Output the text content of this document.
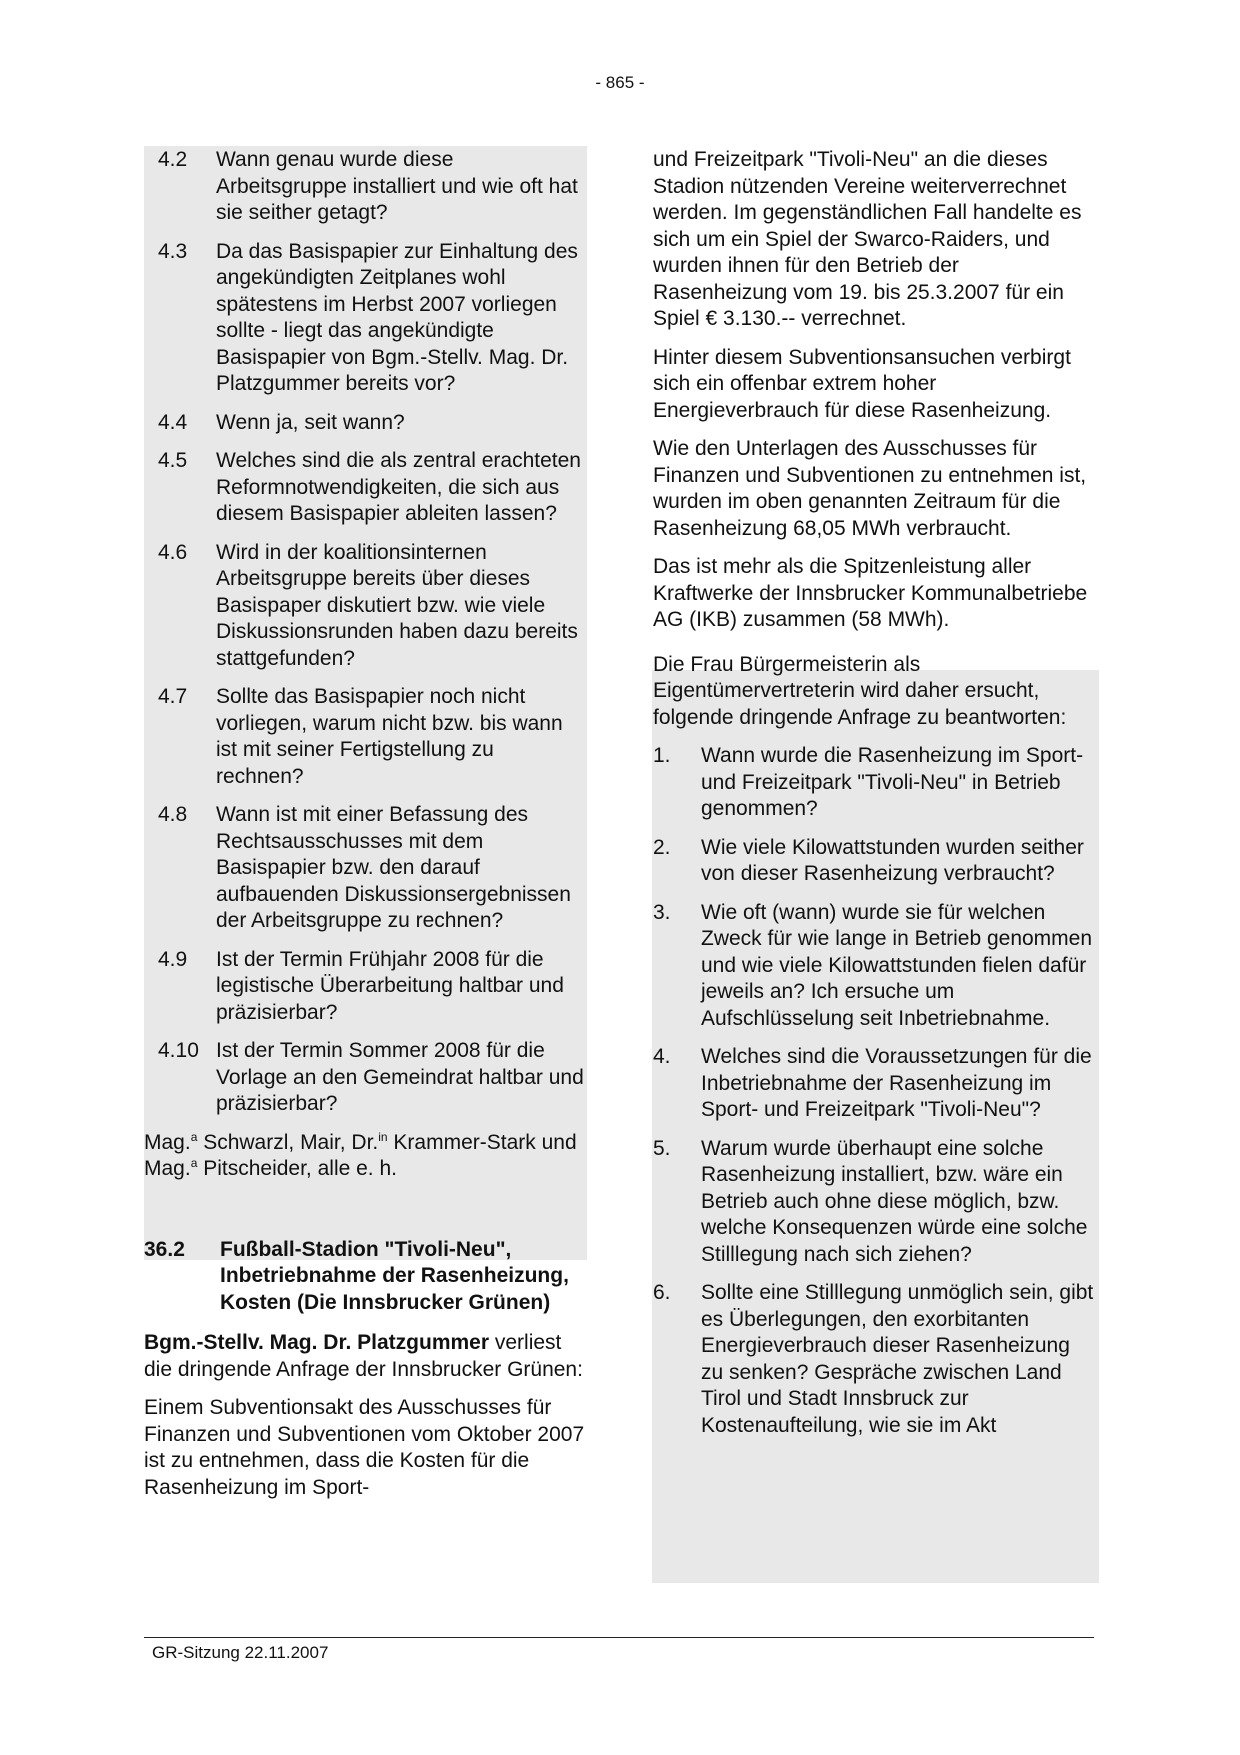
- 865 -
4.2	Wann genau wurde diese Arbeitsgruppe installiert und wie oft hat sie seither getagt?
4.3	Da das Basispapier zur Einhaltung des angekündigten Zeitplanes wohl spätestens im Herbst 2007 vorliegen sollte - liegt das angekündigte Basispapier von Bgm.-Stellv. Mag. Dr. Platzgummer bereits vor?
4.4	Wenn ja, seit wann?
4.5	Welches sind die als zentral erachteten Reformnotwendigkeiten, die sich aus diesem Basispapier ableiten lassen?
4.6	Wird in der koalitionsinternen Arbeitsgruppe bereits über dieses Basispaper diskutiert bzw. wie viele Diskussionsrunden haben dazu bereits stattgefunden?
4.7	Sollte das Basispapier noch nicht vorliegen, warum nicht bzw. bis wann ist mit seiner Fertigstellung zu rechnen?
4.8	Wann ist mit einer Befassung des Rechtsausschusses mit dem Basispapier bzw. den darauf aufbauenden Diskussionsergebnissen der Arbeitsgruppe zu rechnen?
4.9	Ist der Termin Frühjahr 2008 für die legistische Überarbeitung haltbar und präzisierbar?
4.10 Ist der Termin Sommer 2008 für die Vorlage an den Gemeindrat haltbar und präzisierbar?

Mag.$^a$ Schwarzl, Mair, Dr.$^{in}$ Krammer-Stark und Mag.$^a$ Pitscheider, alle e. h.

36.2	Fußball-Stadion "Tivoli-Neu", Inbetriebnahme der Rasenheizung, Kosten (Die Innsbrucker Grünen)

Bgm.-Stellv. Mag. Dr. Platzgummer verliest die dringende Anfrage der Innsbrucker Grünen:

Einem Subventionsakt des Ausschusses für Finanzen und Subventionen vom Oktober 2007 ist zu entnehmen, dass die Kosten für die Rasenheizung im Sport-

und Freizeitpark "Tivoli-Neu" an die dieses Stadion nützenden Vereine weiterverrechnet werden. Im gegenständlichen Fall handelte es sich um ein Spiel der Swarco-Raiders, und wurden ihnen für den Betrieb der Rasenheizung vom 19. bis 25.3.2007 für ein Spiel € 3.130.-- verrechnet.

Hinter diesem Subventionsansuchen verbirgt sich ein offenbar extrem hoher Energieverbrauch für diese Rasenheizung.

Wie den Unterlagen des Ausschusses für Finanzen und Subventionen zu entnehmen ist, wurden im oben genannten Zeitraum für die Rasenheizung 68,05 MWh verbraucht.

Das ist mehr als die Spitzenleistung aller Kraftwerke der Innsbrucker Kommunalbetriebe AG (IKB) zusammen (58 MWh).

Die Frau Bürgermeisterin als Eigentümervertreterin wird daher ersucht, folgende dringende Anfrage zu beantworten:

1.	Wann wurde die Rasenheizung im Sport- und Freizeitpark "Tivoli-Neu" in Betrieb genommen?
2.	Wie viele Kilowattstunden wurden seither von dieser Rasenheizung verbraucht?
3.	Wie oft (wann) wurde sie für welchen Zweck für wie lange in Betrieb genommen und wie viele Kilowattstunden fielen dafür jeweils an? Ich ersuche um Aufschlüsselung seit Inbetriebnahme.
4.	Welches sind die Voraussetzungen für die Inbetriebnahme der Rasenheizung im Sport- und Freizeitpark "Tivoli-Neu"?
5.	Warum wurde überhaupt eine solche Rasenheizung installiert, bzw. wäre ein Betrieb auch ohne diese möglich, bzw. welche Konsequenzen würde eine solche Stilllegung nach sich ziehen?
6.	Sollte eine Stilllegung unmöglich sein, gibt es Überlegungen, den exorbitanten Energieverbrauch dieser Rasenheizung zu senken? Gespräche zwischen Land Tirol und Stadt Innsbruck zur Kostenaufteilung, wie sie im Akt
GR-Sitzung 22.11.2007
